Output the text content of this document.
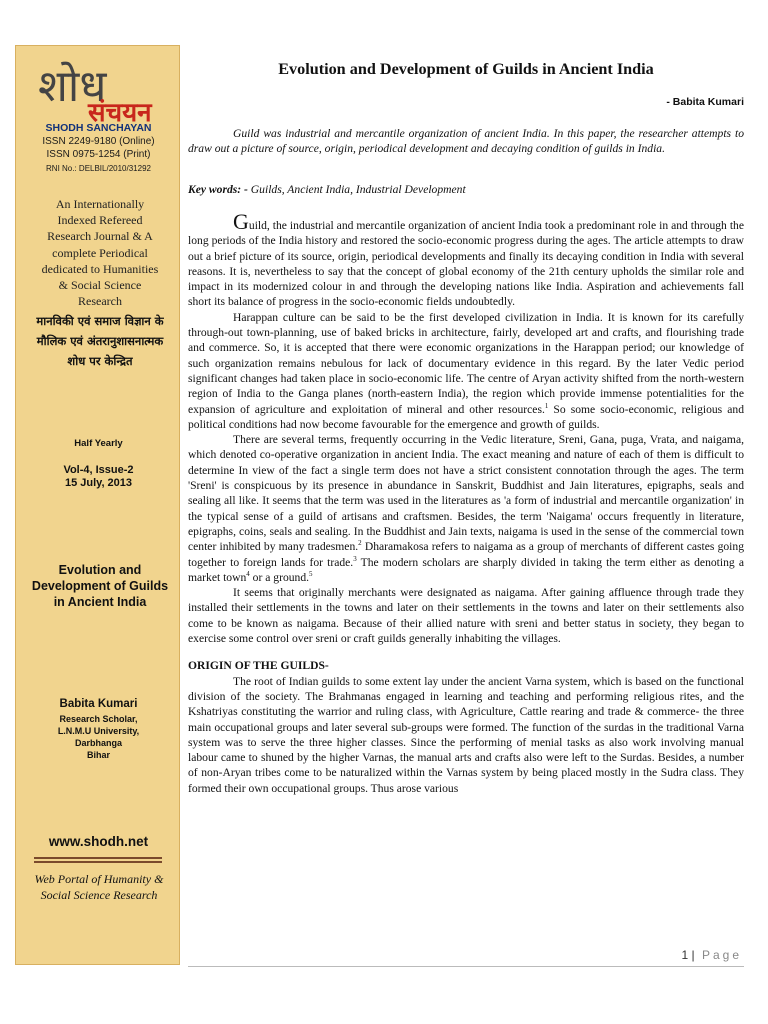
शोध
संचयन
SHODH SANCHAYAN
ISSN 2249-9180 (Online)
ISSN 0975-1254 (Print)
RNI No.: DELBIL/2010/31292
An Internationally Indexed Refereed Research Journal & A complete Periodical dedicated to Humanities & Social Science Research
मानविकी एवं समाज विज्ञान के मौलिक एवं अंतरानुशासनात्मक शोध पर केन्द्रित
Half Yearly
Vol-4, Issue-2
15 July, 2013
Evolution and Development of Guilds in Ancient India
Babita Kumari
Research Scholar,
L.N.M.U University,
Darbhanga
Bihar
www.shodh.net
Web Portal of Humanity & Social Science Research
Evolution and Development of Guilds in Ancient India
- Babita Kumari
Guild was industrial and mercantile organization of ancient India. In this paper, the researcher attempts to draw out a picture of source, origin, periodical development and decaying condition of guilds in India.
Key words: - Guilds, Ancient India, Industrial Development

Guild, the industrial and mercantile organization of ancient India took a predominant role in and through the long periods of the India history and restored the socio-economic progress during the ages. The article attempts to draw out a brief picture of its source, origin, periodical developments and finally its decaying condition in India with several reasons. It is, nevertheless to say that the concept of global economy of the 21th century upholds the similar role and impact in its modernized colour in and through the developing nations like India. Aspiration and achievements fall short its balance of progress in the socio-economic fields undoubtedly.

Harappan culture can be said to be the first developed civilization in India. It is known for its carefully through-out town-planning, use of baked bricks in architecture, fairly, developed art and crafts, and flourishing trade and commerce. So, it is accepted that there were economic organizations in the Harappan period; our knowledge of such organization remains nebulous for lack of documentary evidence in this regard. By the later Vedic period significant changes had taken place in socio-economic life. The centre of Aryan activity shifted from the north-western region of India to the Ganga planes (north-eastern India), the region which provide immense potentialities for the expansion of agriculture and exploitation of mineral and other resources.$^1$ So some socio-economic, religious and political conditions had now become favourable for the emergence and growth of guilds.

There are several terms, frequently occurring in the Vedic literature, Sreni, Gana, puga, Vrata, and naigama, which denoted co-operative organization in ancient India. The exact meaning and nature of each of them is difficult to determine In view of the fact a single term does not have a strict consistent connotation through the ages. The term 'Sreni' is conspicuous by its presence in abundance in Sanskrit, Buddhist and Jain literatures, epigraphs, seals and sealing all like. It seems that the term was used in the literatures as 'a form of industrial and mercantile organization' in the typical sense of a guild of artisans and craftsmen. Besides, the term 'Naigama' occurs frequently in literature, epigraphs, coins, seals and sealing. In the Buddhist and Jain texts, naigama is used in the sense of the commercial town center inhibited by many tradesmen.$^2$ Dharamakosa refers to naigama as a group of merchants of different castes going together to foreign lands for trade.$^3$ The modern scholars are sharply divided in taking the term either as denoting a market town$^4$ or a ground.$^5$

It seems that originally merchants were designated as naigama. After gaining affluence through trade they installed their settlements in the towns and later on their settlements in the towns and later on their settlements also come to be known as naigama. Because of their allied nature with sreni and better status in society, they began to exercise some control over sreni or craft guilds generally inhabiting the villages.

ORIGIN OF THE GUILDS-

The root of Indian guilds to some extent lay under the ancient Varna system, which is based on the functional division of the society. The Brahmanas engaged in learning and teaching and performing religious rites, and the Kshatriyas constituting the warrior and ruling class, with Agriculture, Cattle rearing and trade & commerce- the three main occupational groups and later several sub-groups were formed. The function of the surdas in the traditional Varna system was to serve the three higher classes. Since the performing of menial tasks as also work involving manual labour came to shuned by the higher Varnas, the manual arts and crafts also were left to the Surdas. Besides, a number of non-Aryan tribes come to be naturalized within the Varnas system by being placed mostly in the Sudra class. They formed their own occupational groups. Thus arose various

1 | Page
